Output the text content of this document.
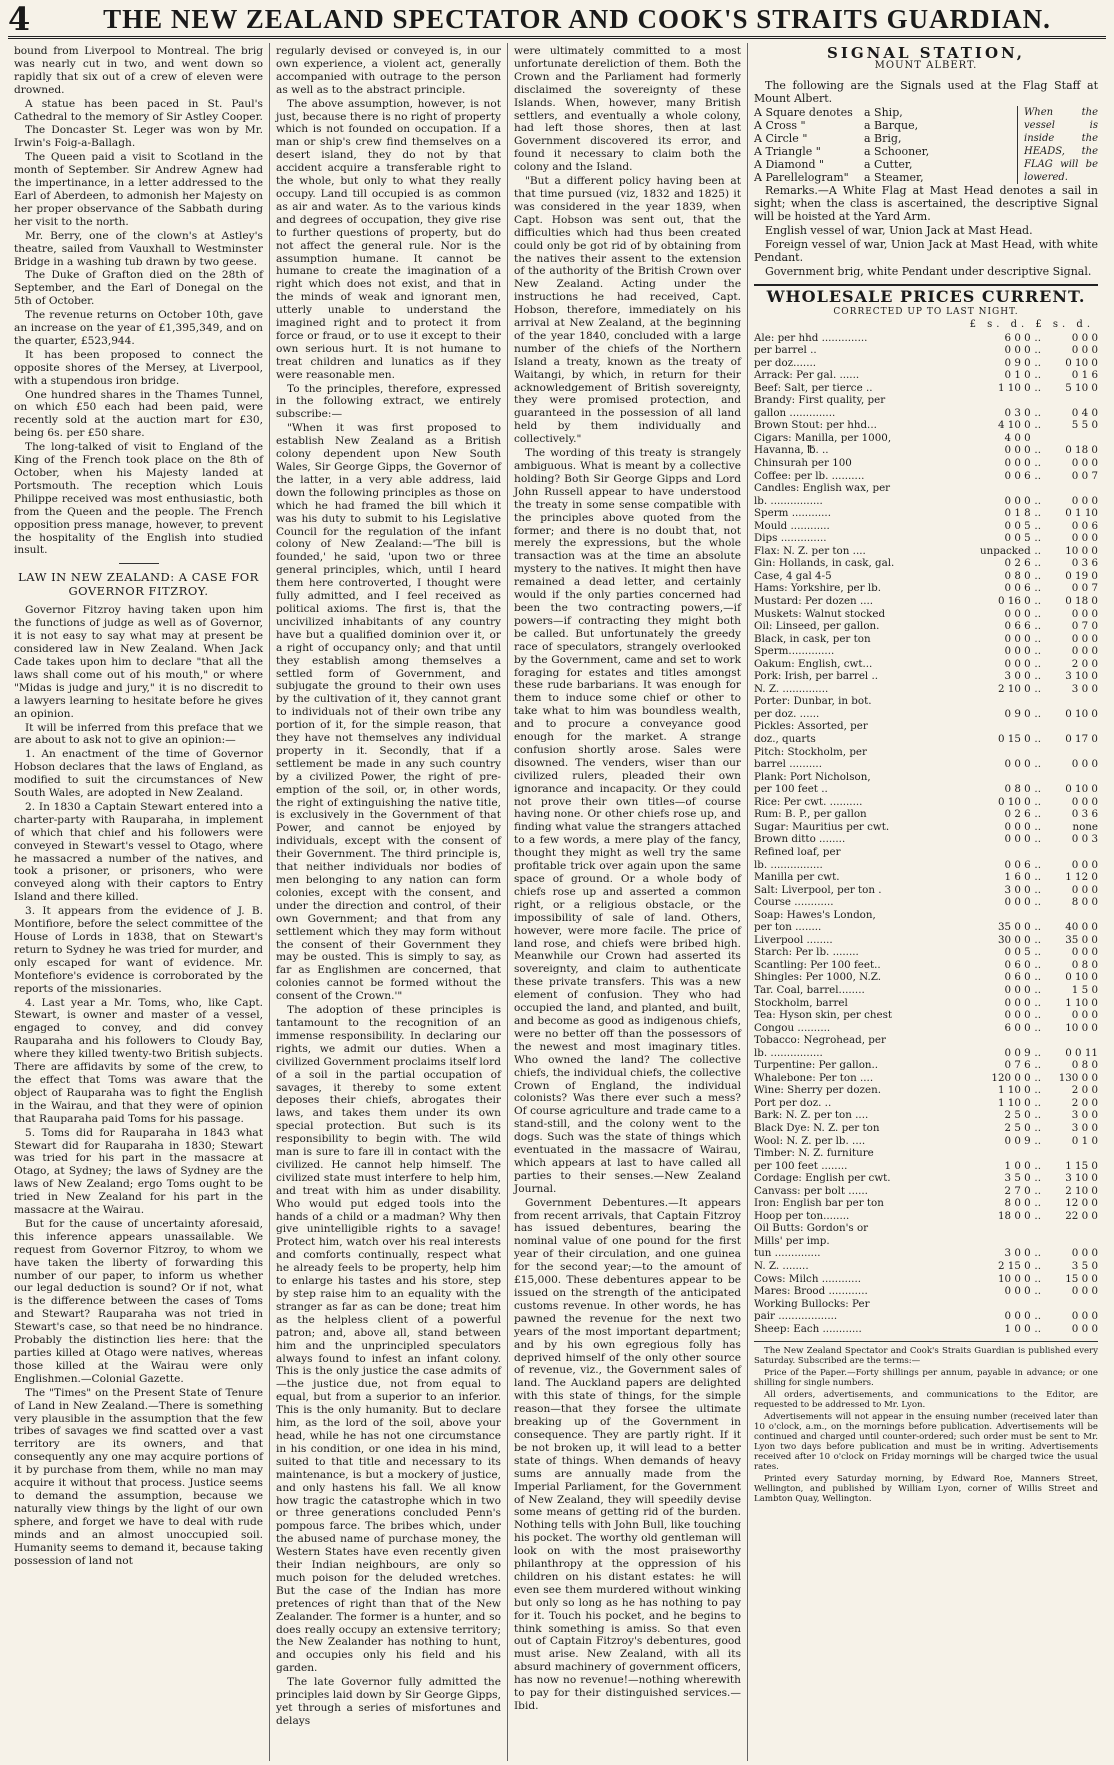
4	THE NEW ZEALAND SPECTATOR AND COOK'S STRAITS GUARDIAN.

bound from Liverpool to Montreal. The brig was nearly cut in two, and went down so rapidly that six out of a crew of eleven were drowned.

A statue has been paced in St. Paul's Cathedral to the memory of Sir Astley Cooper.

The Doncaster St. Leger was won by Mr. Irwin's Foig-a-Ballagh.

The Queen paid a visit to Scotland in the month of September. Sir Andrew Agnew had the impertinance, in a letter addressed to the Earl of Aberdeen, to admonish her Majesty on her proper observance of the Sabbath during her visit to the north.

Mr. Berry, one of the clown's at Astley's theatre, sailed from Vauxhall to Westminster Bridge in a washing tub drawn by two geese.

The Duke of Grafton died on the 28th of September, and the Earl of Donegal on the 5th of October.

The revenue returns on October 10th, gave an increase on the year of £1,395,349, and on the quarter, £523,944.

It has been proposed to connect the opposite shores of the Mersey, at Liverpool, with a stupendous iron bridge.

One hundred shares in the Thames Tunnel, on which £50 each had been paid, were recently sold at the auction mart for £30, being 6s. per £50 share.

The long-talked of visit to England of the King of the French took place on the 8th of October, when his Majesty landed at Portsmouth. The reception which Louis Philippe received was most enthusiastic, both from the Queen and the people. The French opposition press manage, however, to prevent the hospitality of the English into studied insult.

LAW IN NEW ZEALAND: A CASE FOR GOVERNOR FITZROY.

Governor Fitzroy having taken upon him the functions of judge as well as of Governor, it is not easy to say what may at present be considered law in New Zealand. When Jack Cade takes upon him to declare "that all the laws shall come out of his mouth," or where "Midas is judge and jury," it is no discredit to a lawyers learning to hesitate before he gives an opinion.

It will be inferred from this preface that we are about to ask not to give an opinion:—

1. An enactment of the time of Governor Hobson declares that the laws of England, as modified to suit the circumstances of New South Wales, are adopted in New Zealand.

2. In 1830 a Captain Stewart entered into a charter-party with Rauparaha, in implement of which that chief and his followers were conveyed in Stewart's vessel to Otago, where he massacred a number of the natives, and took a prisoner, or prisoners, who were conveyed along with their captors to Entry Island and there killed.

3. It appears from the evidence of J. B. Montifiore, before the select committee of the House of Lords in 1838, that on Stewart's return to Sydney he was tried for murder, and only escaped for want of evidence. Mr. Montefiore's evidence is corroborated by the reports of the missionaries.

4. Last year a Mr. Toms, who, like Capt. Stewart, is owner and master of a vessel, engaged to convey, and did convey Rauparaha and his followers to Cloudy Bay, where they killed twenty-two British subjects. There are affidavits by some of the crew, to the effect that Toms was aware that the object of Rauparaha was to fight the English in the Wairau, and that they were of opinion that Rauparaha paid Toms for his passage.

5. Toms did for Rauparaha in 1843 what Stewart did for Rauparaha in 1830; Stewart was tried for his part in the massacre at Otago, at Sydney; the laws of Sydney are the laws of New Zealand; ergo Toms ought to be tried in New Zealand for his part in the massacre at the Wairau.

But for the cause of uncertainty aforesaid, this inference appears unassailable. We request from Governor Fitzroy, to whom we have taken the liberty of forwarding this number of our paper, to inform us whether our legal deduction is sound? Or if not, what is the difference between the cases of Toms and Stewart? Rauparaha was not tried in Stewart's case, so that need be no hindrance. Probably the distinction lies here: that the parties killed at Otago were natives, whereas those killed at the Wairau were only Englishmen.—Colonial Gazette.

The "Times" on the Present State of Tenure of Land in New Zealand.—There is something very plausible in the assumption that the few tribes of savages we find scatted over a vast territory are its owners, and that consequently any one may acquire portions of it by purchase from them, while no man may acquire it without that process. Justice seems to demand the assumption, because we naturally view things by the light of our own sphere, and forget we have to deal with rude minds and an almost unoccupied soil. Humanity seems to demand it, because taking possession of land not

regularly devised or conveyed is, in our own experience, a violent act, generally accompanied with outrage to the person as well as to the abstract principle.

The above assumption, however, is not just, because there is no right of property which is not founded on occupation. If a man or ship's crew find themselves on a desert island, they do not by that accident acquire a transferable right to the whole, but only to what they really occupy. Land till occupied is as common as air and water. As to the various kinds and degrees of occupation, they give rise to further questions of property, but do not affect the general rule. Nor is the assumption humane. It cannot be humane to create the imagination of a right which does not exist, and that in the minds of weak and ignorant men, utterly unable to understand the imagined right and to protect it from force or fraud, or to use it except to their own serious hurt. It is not humane to treat children and lunatics as if they were reasonable men.

To the principles, therefore, expressed in the following extract, we entirely subscribe:—

"When it was first proposed to establish New Zealand as a British colony dependent upon New South Wales, Sir George Gipps, the Governor of the latter, in a very able address, laid down the following principles as those on which he had framed the bill which it was his duty to submit to his Legislative Council for the regulation of the infant colony of New Zealand:—'The bill is founded,' he said, 'upon two or three general principles, which, until I heard them here controverted, I thought were fully admitted, and I feel received as political axioms. The first is, that the uncivilized inhabitants of any country have but a qualified dominion over it, or a right of occupancy only; and that until they establish among themselves a settled form of Government, and subjugate the ground to their own uses by the cultivation of it, they cannot grant to individuals not of their own tribe any portion of it, for the simple reason, that they have not themselves any individual property in it. Secondly, that if a settlement be made in any such country by a civilized Power, the right of pre-emption of the soil, or, in other words, the right of extinguishing the native title, is exclusively in the Government of that Power, and cannot be enjoyed by individuals, except with the consent of their Government. The third principle is, that neither individuals nor bodies of men belonging to any nation can form colonies, except with the consent, and under the direction and control, of their own Government; and that from any settlement which they may form without the consent of their Government they may be ousted. This is simply to say, as far as Englishmen are concerned, that colonies cannot be formed without the consent of the Crown.'"

The adoption of these principles is tantamount to the recognition of an immense responsibility. In declaring our rights, we admit our duties. When a civilized Government proclaims itself lord of a soil in the partial occupation of savages, it thereby to some extent deposes their chiefs, abrogates their laws, and takes them under its own special protection. But such is its responsibility to begin with. The wild man is sure to fare ill in contact with the civilized. He cannot help himself. The civilized state must interfere to help him, and treat with him as under disability. Who would put edged tools into the hands of a child or a madman? Why then give unintelligible rights to a savage! Protect him, watch over his real interests and comforts continually, respect what he already feels to be property, help him to enlarge his tastes and his store, step by step raise him to an equality with the stranger as far as can be done; treat him as the helpless client of a powerful patron; and, above all, stand between him and the unprincipled speculators always found to infest an infant colony. This is the only justice the case admits of—the justice due, not from equal to equal, but from a superior to an inferior. This is the only humanity. But to declare him, as the lord of the soil, above your head, while he has not one circumstance in his condition, or one idea in his mind, suited to that title and necessary to its maintenance, is but a mockery of justice, and only hastens his fall. We all know how tragic the catastrophe which in two or three generations concluded Penn's pompous farce. The bribes which, under the abused name of purchase money, the Western States have even recently given their Indian neighbours, are only so much poison for the deluded wretches. But the case of the Indian has more pretences of right than that of the New Zealander. The former is a hunter, and so does really occupy an extensive territory; the New Zealander has nothing to hunt, and occupies only his field and his garden.

The late Governor fully admitted the principles laid down by Sir George Gipps, yet through a series of misfortunes and delays

were ultimately committed to a most unfortunate dereliction of them. Both the Crown and the Parliament had formerly disclaimed the sovereignty of these Islands. When, however, many British settlers, and eventually a whole colony, had left those shores, then at last Government discovered its error, and found it necessary to claim both the colony and the Island.

"But a different policy having been at that time pursued (viz, 1832 and 1825) it was considered in the year 1839, when Capt. Hobson was sent out, that the difficulties which had thus been created could only be got rid of by obtaining from the natives their assent to the extension of the authority of the British Crown over New Zealand. Acting under the instructions he had received, Capt. Hobson, therefore, immediately on his arrival at New Zealand, at the beginning of the year 1840, concluded with a large number of the chiefs of the Northern Island a treaty, known as the treaty of Waitangi, by which, in return for their acknowledgement of British sovereignty, they were promised protection, and guaranteed in the possession of all land held by them individually and collectively."

The wording of this treaty is strangely ambiguous. What is meant by a collective holding? Both Sir George Gipps and Lord John Russell appear to have understood the treaty in some sense compatible with the principles above quoted from the former; and there is no doubt that, not merely the expressions, but the whole transaction was at the time an absolute mystery to the natives. It might then have remained a dead letter, and certainly would if the only parties concerned had been the two contracting powers,—if powers—if contracting they might both be called. But unfortunately the greedy race of speculators, strangely overlooked by the Government, came and set to work foraging for estates and titles amongst these rude barbarians. It was enough for them to induce some chief or other to take what to him was boundless wealth, and to procure a conveyance good enough for the market. A strange confusion shortly arose. Sales were disowned. The venders, wiser than our civilized rulers, pleaded their own ignorance and incapacity. Or they could not prove their own titles—of course having none. Or other chiefs rose up, and finding what value the strangers attached to a few words, a mere play of the fancy, thought they might as well try the same profitable trick over again upon the same space of ground. Or a whole body of chiefs rose up and asserted a common right, or a religious obstacle, or the impossibility of sale of land. Others, however, were more facile. The price of land rose, and chiefs were bribed high. Meanwhile our Crown had asserted its sovereignty, and claim to authenticate these private transfers. This was a new element of confusion. They who had occupied the land, and planted, and built, and become as good as indigenous chiefs, were no better off than the possessors of the newest and most imaginary titles. Who owned the land? The collective chiefs, the individual chiefs, the collective Crown of England, the individual colonists? Was there ever such a mess? Of course agriculture and trade came to a stand-still, and the colony went to the dogs. Such was the state of things which eventuated in the massacre of Wairau, which appears at last to have called all parties to their senses.—New Zealand Journal.

Government Debentures.—It appears from recent arrivals, that Captain Fitzroy has issued debentures, bearing the nominal value of one pound for the first year of their circulation, and one guinea for the second year;—to the amount of £15,000. These debentures appear to be issued on the strength of the anticipated customs revenue. In other words, he has pawned the revenue for the next two years of the most important department; and by his own egregious folly has deprived himself of the only other source of revenue, viz., the Government sales of land. The Auckland papers are delighted with this state of things, for the simple reason—that they forsee the ultimate breaking up of the Government in consequence. They are partly right. If it be not broken up, it will lead to a better state of things. When demands of heavy sums are annually made from the Imperial Parliament, for the Government of New Zealand, they will speedily devise some means of getting rid of the burden. Nothing tells with John Bull, like touching his pocket. The worthy old gentleman will look on with the most praiseworthy philanthropy at the oppression of his children on his distant estates: he will even see them murdered without winking but only so long as he has nothing to pay for it. Touch his pocket, and he begins to think something is amiss. So that even out of Captain Fitzroy's debentures, good must arise. New Zealand, with all its absurd machinery of government officers, has now no revenue!—nothing wherewith to pay for their distinguished services.—Ibid.

SIGNAL STATION,
MOUNT ALBERT.

The following are the Signals used at the Flag Staff at Mount Albert.

A Square denotes	a Ship,
A Cross "	a Barque,
A Circle "	a Brig,
A Triangle "	a Schooner,
A Diamond "	a Cutter,
A Parellelogram"	a Steamer,
When the vessel is inside the HEADS, the FLAG will be lowered.

Remarks.—A White Flag at Mast Head denotes a sail in sight; when the class is ascertained, the descriptive Signal will be hoisted at the Yard Arm.

English vessel of war, Union Jack at Mast Head.

Foreign vessel of war, Union Jack at Mast Head, with white Pendant.

Government brig, white Pendant under descriptive Signal.

WHOLESALE PRICES CURRENT.
CORRECTED UP TO LAST NIGHT.
£ s. d. £ s. d.
Ale: per hhd ..............	6 0 0	..	0 0 0
per barrel ..	0 0 0	..	0 0 0
per doz.......	0 9 0	..	0 10 0
Arrack: Per gal. ......	0 1 0	..	0 1 6
Beef: Salt, per tierce ..	1 10 0	..	5 10 0
Brandy: First quality, per			
gallon ..............	0 3 0	..	0 4 0
Brown Stout: per hhd...	4 10 0	..	5 5 0
Cigars: Manilla, per 1000,	4 0 0		
Havanna, ℔. ..	0 0 0	..	0 18 0
Chinsurah per 100	0 0 0	..	0 0 0
Coffee: per lb. ..........	0 0 6	..	0 0 7
Candles: English wax, per			
lb. ................	0 0 0	..	0 0 0
Sperm ............	0 1 8	..	0 1 10
Mould ............	0 0 5	..	0 0 6
Dips ..............	0 0 5	..	0 0 0
Flax: N. Z. per ton ....	unpacked	..	10 0 0
Gin: Hollands, in cask, gal.	0 2 6	..	0 3 6
Case, 4 gal 4-5	0 8 0	..	0 19 0
Hams: Yorkshire, per lb.	0 0 6	..	0 0 7
Mustard: Per dozen ....	0 16 0	..	0 18 0
Muskets: Walnut stocked	0 0 0	..	0 0 0
Oil: Linseed, per gallon.	0 6 6	..	0 7 0
Black, in cask, per ton	0 0 0	..	0 0 0
Sperm..............	0 0 0	..	0 0 0
Oakum: English, cwt...	0 0 0	..	2 0 0
Pork: Irish, per barrel ..	3 0 0	..	3 10 0
N. Z. ..............	2 10 0	..	3 0 0
Porter: Dunbar, in bot.			
per doz. ......	0 9 0	..	0 10 0
Pickles: Assorted, per			
doz., quarts	0 15 0	..	0 17 0
Pitch: Stockholm, per			
barrel ..........	0 0 0	..	0 0 0
Plank: Port Nicholson,			
per 100 feet ..	0 8 0	..	0 10 0
Rice: Per cwt. ..........	0 10 0	..	0 0 0
Rum: B. P., per gallon	0 2 6	..	0 3 6
Sugar: Mauritius per cwt.	0 0 0	..	none
Brown ditto ........	0 0 0	..	0 0 3
Refined loaf, per			
lb. ................	0 0 6	..	0 0 0
Manilla per cwt.	1 6 0	..	1 12 0
Salt: Liverpool, per ton .	3 0 0	..	0 0 0
Course ............	0 0 0	..	8 0 0
Soap: Hawes's London,			
per ton ........	35 0 0	..	40 0 0
Liverpool ........	30 0 0	..	35 0 0
Starch: Per lb. ........	0 0 5	..	0 0 0
Scantling: Per 100 feet..	0 6 0	..	0 8 0
Shingles: Per 1000, N.Z.	0 6 0	..	0 10 0
Tar. Coal, barrel........	0 0 0	..	1 5 0
Stockholm, barrel	0 0 0	..	1 10 0
Tea: Hyson skin, per chest	0 0 0	..	0 0 0
Congou ..........	6 0 0	..	10 0 0
Tobacco: Negrohead, per			
lb. ................	0 0 9	..	0 0 11
Turpentine: Per gallon..	0 7 6	..	0 8 0
Whalebone: Per ton ....	120 0 0	..	130 0 0
Wine: Sherry per dozen.	1 10 0	..	2 0 0
Port per doz. ..	1 10 0	..	2 0 0
Bark: N. Z. per ton ....	2 5 0	..	3 0 0
Black Dye: N. Z. per ton	2 5 0	..	3 0 0
Wool: N. Z. per lb. ....	0 0 9	..	0 1 0
Timber: N. Z. furniture			
per 100 feet ........	1 0 0	..	1 15 0
Cordage: English per cwt.	3 5 0	..	3 10 0
Canvass: per bolt ......	2 7 0	..	2 10 0
Iron: English bar per ton	8 0 0	..	12 0 0
Hoop per ton........	18 0 0	..	22 0 0
Oil Butts: Gordon's or			
Mills' per imp.			
tun ..............	3 0 0	..	0 0 0
N. Z. ........	2 15 0	..	3 5 0
Cows: Milch ............	10 0 0	..	15 0 0
Mares: Brood ............	0 0 0	..	0 0 0
Working Bullocks: Per			
pair ..................	0 0 0	..	0 0 0
Sheep: Each ............	1 0 0	..	0 0 0

The New Zealand Spectator and Cook's Straits Guardian is published every Saturday. Subscribed are the terms:—

Price of the Paper.—Forty shillings per annum, payable in advance; or one shilling for single numbers.

All orders, advertisements, and communications to the Editor, are requested to be addressed to Mr. Lyon.

Advertisements will not appear in the ensuing number (received later than 10 o'clock, a.m., on the mornings before publication. Advertisements will be continued and charged until counter-ordered; such order must be sent to Mr. Lyon two days before publication and must be in writing. Advertisements received after 10 o'clock on Friday mornings will be charged twice the usual rates.

Printed every Saturday morning, by Edward Roe, Manners Street, Wellington, and published by William Lyon, corner of Willis Street and Lambton Quay, Wellington.
